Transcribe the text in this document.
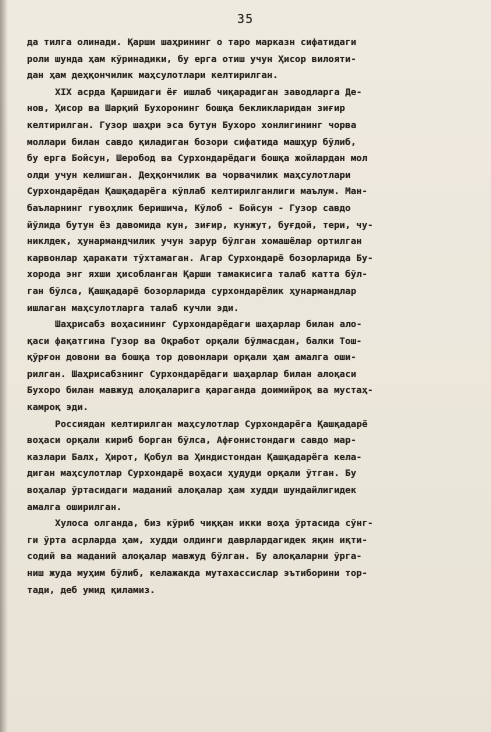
35
да тилга олинади. Қарши шаҳрининг о таро марказн сифатидаги
роли шунда ҳам кўринадики, бу ерга отиш учун Ҳисор вилояти-
дан ҳам деҳқончилик маҳсулотлари келтирилган.
XIX асрда Қаршидаги ёғ ишлаб чиқарадиган заводларга Де-
нов, Ҳисор ва Шарқий Бухоронинг бошқа бекликларидан зиғир
келтирилган. Гузор шаҳри эса бутун Бухоро хонлигининг чорва
моллари билан савдо қиладиган бозори сифатида машҳур бўлиб,
бу ерга Бойсун, Шеробод ва Сурхондарёдаги бошқа жойлардан мол
олди учун келишган. Деҳқончилик ва чорвачилик маҳсулотлари
Сурхондарёдан Қашқадарёга кўплаб келтирилганлиги маълум. Ман-
баъларнинг гувоҳлик беришича, Кўлоб - Бойсун - Гузор савдо
йўлида бутун ёз давомида кун, зиғир, кунжут, буғдой, тери, чу-
никлдек, ҳунармандчилик учун зарур бўлган хомашёлар ортилган
карвонлар ҳаракати тўхтамаган. Агар Сурхондарё бозорларида Бу-
хорода энг яхши ҳисобланган Қарши тамакисига талаб катта бўл-
ган бўлса, Қашқадарё бозорларида сурхондарёлик ҳунармандлар
ишлаган маҳсулотларга талаб кучли эди.
Шаҳрисабз воҳасининг Сурхондарёдаги шаҳарлар билан ало-
қаси фақатгина Гузор ва Оқработ орқали бўлмасдан, балки Тош-
қўрғон довони ва бошқа тор довонлари орқали ҳам амалга оши-
рилган. Шаҳрисабзнинг Сурхондарёдаги шаҳарлар билан алоқаси
Бухоро билан мавжуд алоқаларига қараганда доимийроқ ва мустаҳ-
камроқ эди.
Россиядан келтирилган маҳсулотлар Сурхондарёга Қашқадарё
воҳаси орқали кириб борган бўлса, Афғонистондаги савдо мар-
казлари Балх, Ҳирот, Қобул ва Ҳиндистондан Қашқадарёга кела-
диган маҳсулотлар Сурхондарё воҳаси ҳудуди орқали ўтган. Бу
воҳалар ўртасидаги маданий алоқалар ҳам худди шундайлигидек
амалга оширилган.
Хулоса олганда, биз кўриб чиққан икки воҳа ўртасида сўнг-
ги ўрта асрларда ҳам, худди олдинги даврлардагидек яқин иқти-
содий ва маданий алоқалар мавжуд бўлган. Бу алоқаларни ўрга-
ниш жуда муҳим бўлиб, келажакда мутахассислар эътиборини тор-
тади, деб умид қиламиз.
